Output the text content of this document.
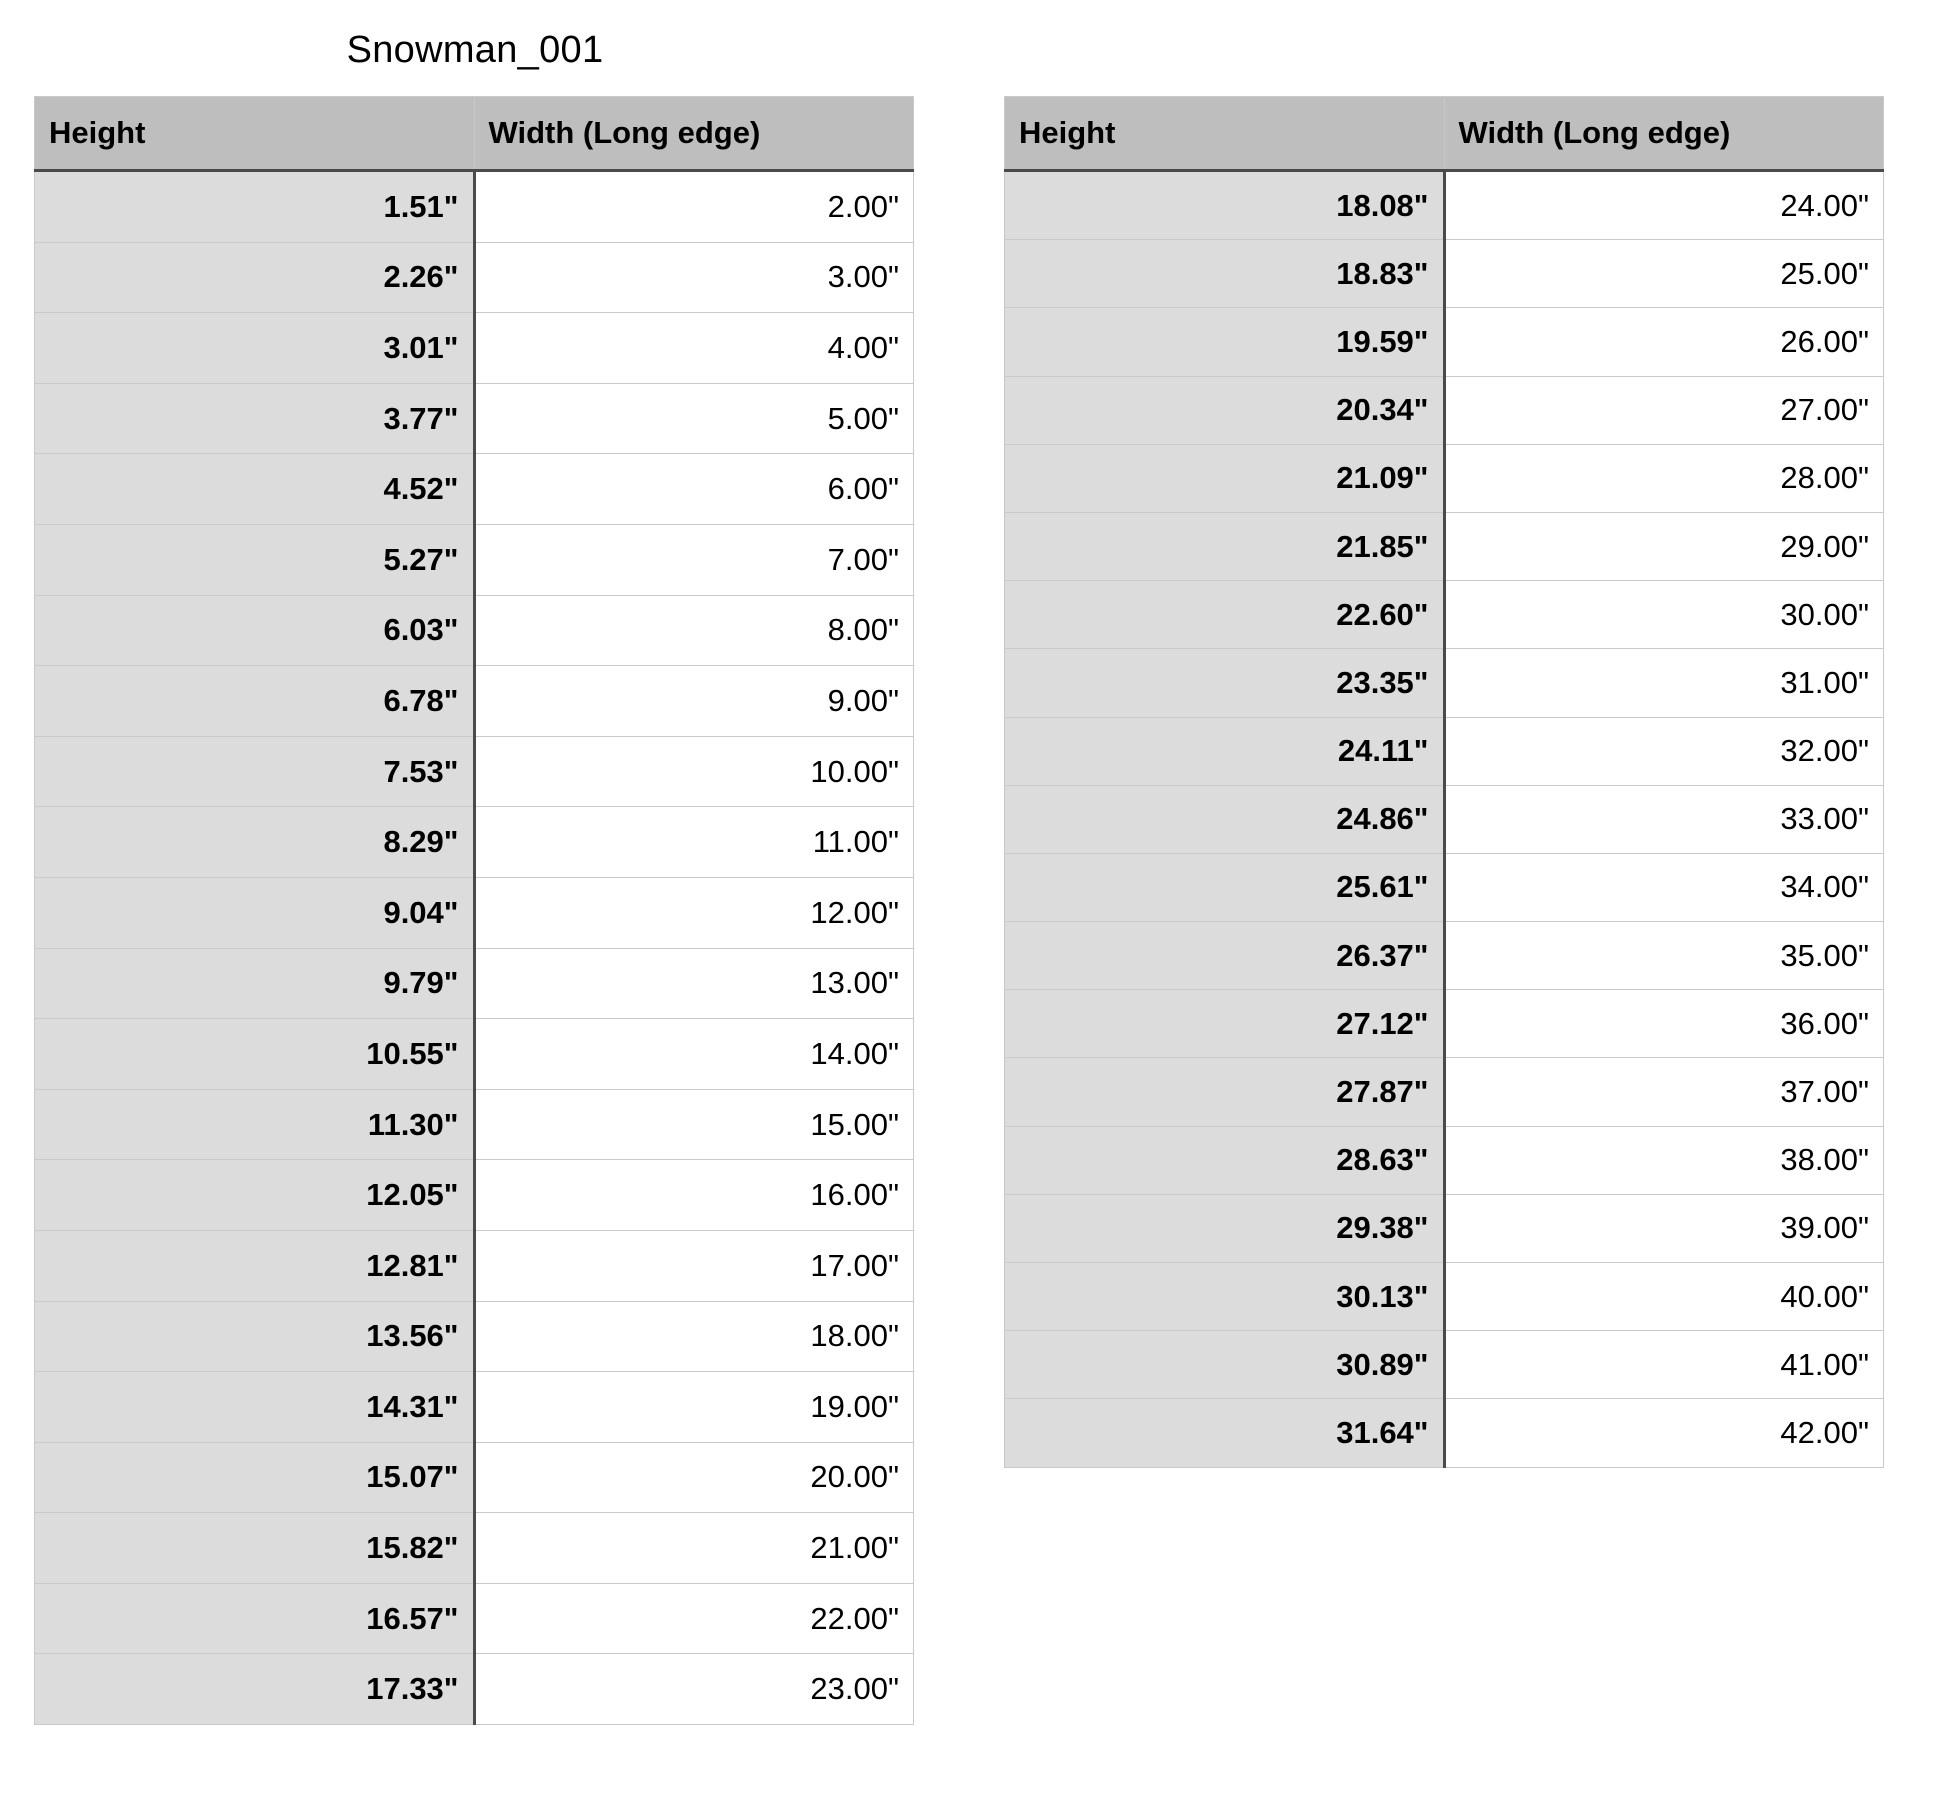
Snowman_001
Height	Width (Long edge)
1.51"	2.00"
2.26"	3.00"
3.01"	4.00"
3.77"	5.00"
4.52"	6.00"
5.27"	7.00"
6.03"	8.00"
6.78"	9.00"
7.53"	10.00"
8.29"	11.00"
9.04"	12.00"
9.79"	13.00"
10.55"	14.00"
11.30"	15.00"
12.05"	16.00"
12.81"	17.00"
13.56"	18.00"
14.31"	19.00"
15.07"	20.00"
15.82"	21.00"
16.57"	22.00"
17.33"	23.00"
Height	Width (Long edge)
18.08"	24.00"
18.83"	25.00"
19.59"	26.00"
20.34"	27.00"
21.09"	28.00"
21.85"	29.00"
22.60"	30.00"
23.35"	31.00"
24.11"	32.00"
24.86"	33.00"
25.61"	34.00"
26.37"	35.00"
27.12"	36.00"
27.87"	37.00"
28.63"	38.00"
29.38"	39.00"
30.13"	40.00"
30.89"	41.00"
31.64"	42.00"
